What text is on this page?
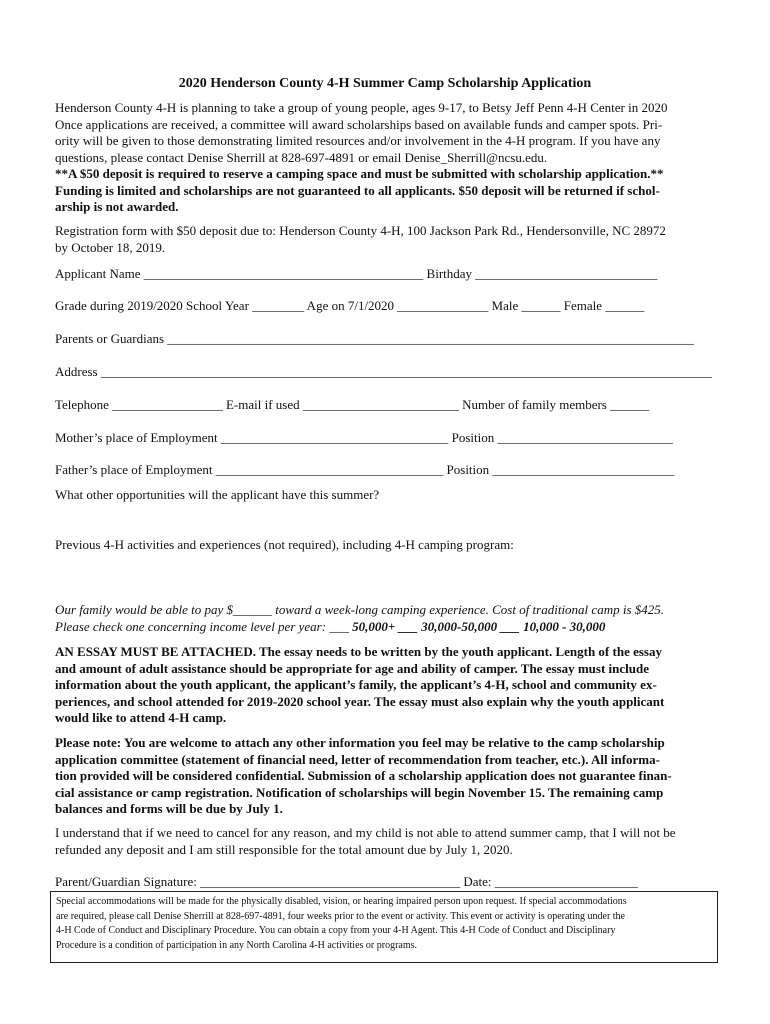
2020 Henderson County 4-H Summer Camp Scholarship Application
Henderson County 4-H is planning to take a group of young people, ages 9-17, to Betsy Jeff Penn 4-H Center in 2020
Once applications are received, a committee will award scholarships based on available funds and camper spots. Pri-
ority will be given to those demonstrating limited resources and/or involvement in the 4-H program. If you have any
questions, please contact Denise Sherrill at 828-697-4891 or email Denise_Sherrill@ncsu.edu.
**A $50 deposit is required to reserve a camping space and must be submitted with scholarship application.**
Funding is limited and scholarships are not guaranteed to all applicants. $50 deposit will be returned if schol-
arship is not awarded.
Registration form with $50 deposit due to: Henderson County 4-H, 100 Jackson Park Rd., Hendersonville, NC 28972
by October 18, 2019.
Applicant Name ___________________________________________ Birthday ____________________________
Grade during 2019/2020 School Year ________ Age on 7/1/2020 ______________ Male ______ Female ______
Parents or Guardians _________________________________________________________________________________
Address ______________________________________________________________________________________________
Telephone _________________ E-mail if used ________________________ Number of family members ______
Mother’s place of Employment ___________________________________ Position ___________________________
Father’s place of Employment ___________________________________ Position ____________________________
What other opportunities will the applicant have this summer?
Previous 4-H activities and experiences (not required), including 4-H camping program:
Our family would be able to pay $______ toward a week-long camping experience. Cost of traditional camp is $425.
Please check one concerning income level per year: ___ 50,000+ ___ 30,000-50,000 ___ 10,000 - 30,000
AN ESSAY MUST BE ATTACHED. The essay needs to be written by the youth applicant. Length of the essay
and amount of adult assistance should be appropriate for age and ability of camper. The essay must include
information about the youth applicant, the applicant’s family, the applicant’s 4-H, school and community ex-
periences, and school attended for 2019-2020 school year. The essay must also explain why the youth applicant
would like to attend 4-H camp.
Please note: You are welcome to attach any other information you feel may be relative to the camp scholarship
application committee (statement of financial need, letter of recommendation from teacher, etc.). All informa-
tion provided will be considered confidential. Submission of a scholarship application does not guarantee finan-
cial assistance or camp registration. Notification of scholarships will begin November 15. The remaining camp
balances and forms will be due by July 1.
I understand that if we need to cancel for any reason, and my child is not able to attend summer camp, that I will not be
refunded any deposit and I am still responsible for the total amount due by July 1, 2020.
Parent/Guardian Signature: ________________________________________ Date: ______________________
Special accommodations will be made for the physically disabled, vision, or hearing impaired person upon request. If special accommodations
are required, please call Denise Sherrill at 828-697-4891, four weeks prior to the event or activity. This event or activity is operating under the
4-H Code of Conduct and Disciplinary Procedure. You can obtain a copy from your 4-H Agent. This 4-H Code of Conduct and Disciplinary
Procedure is a condition of participation in any North Carolina 4-H activities or programs.
